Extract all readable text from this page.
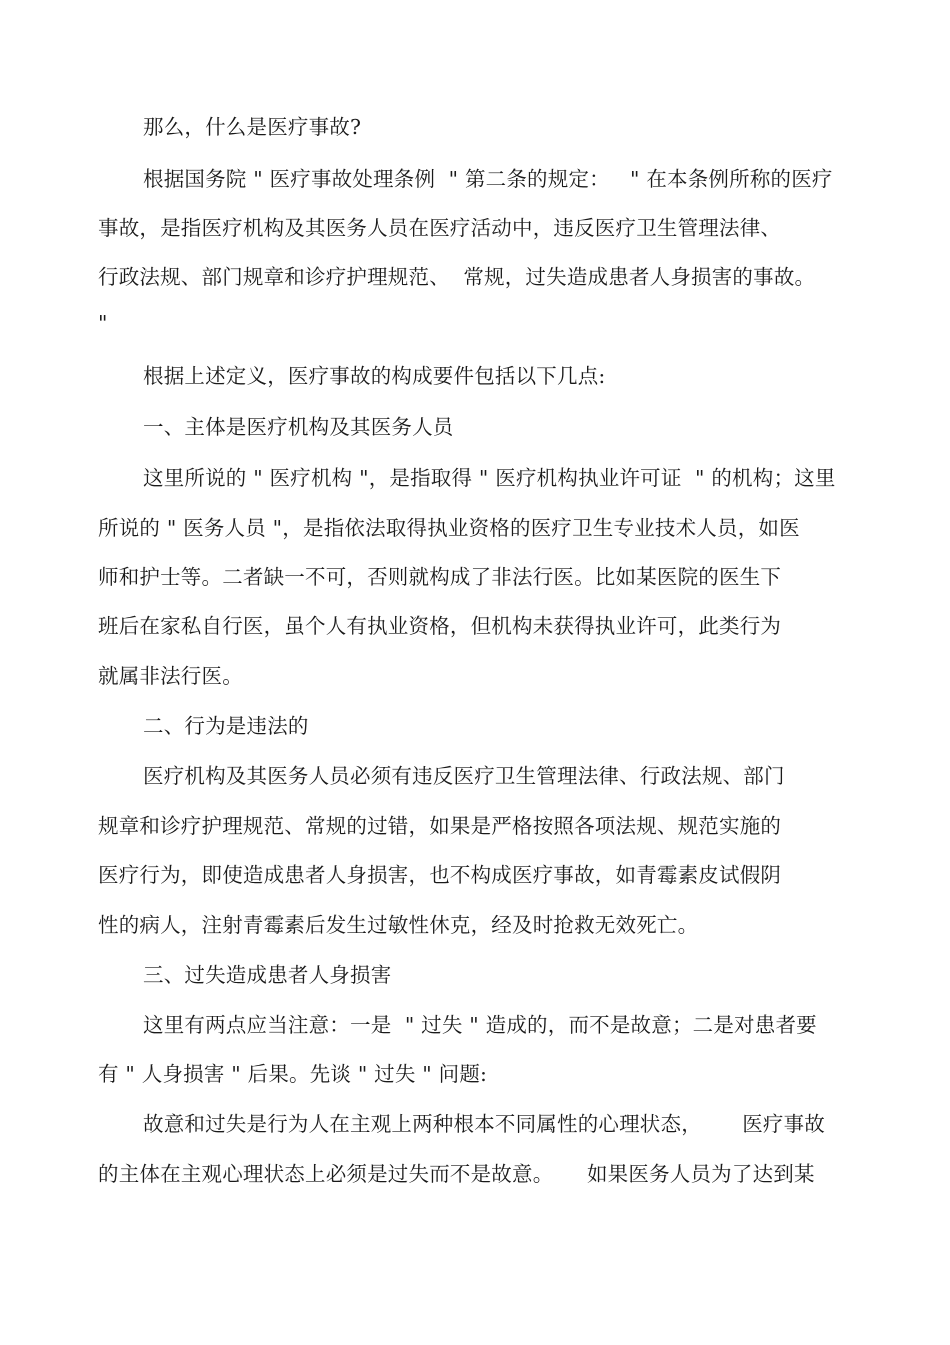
那么，什么是医疗事故?

根据国务院 " 医疗事故处理条例  " 第二条的规定：   " 在本条例所称的医疗

事故，是指医疗机构及其医务人员在医疗活动中，违反医疗卫生管理法律、

行政法规、部门规章和诊疗护理规范、  常规，过失造成患者人身损害的事故。

"

根据上述定义，医疗事故的构成要件包括以下几点:

一、主体是医疗机构及其医务人员

这里所说的 " 医疗机构 "，是指取得 " 医疗机构执业许可证  " 的机构；这里

所说的 " 医务人员 "，是指依法取得执业资格的医疗卫生专业技术人员，如医

师和护士等。二者缺一不可，否则就构成了非法行医。比如某医院的医生下

班后在家私自行医，虽个人有执业资格，但机构未获得执业许可，此类行为

就属非法行医。

二、行为是违法的

医疗机构及其医务人员必须有违反医疗卫生管理法律、行政法规、部门

规章和诊疗护理规范、常规的过错，如果是严格按照各项法规、规范实施的

医疗行为，即使造成患者人身损害，也不构成医疗事故，如青霉素皮试假阴

性的病人，注射青霉素后发生过敏性休克，经及时抢救无效死亡。

三、过失造成患者人身损害

这里有两点应当注意：一是  " 过失 " 造成的，而不是故意；二是对患者要

有 " 人身损害 " 后果。先谈 " 过失 " 问题:

故意和过失是行为人在主观上两种根本不同属性的心理状态，      医疗事故

的主体在主观心理状态上必须是过失而不是故意。     如果医务人员为了达到某
